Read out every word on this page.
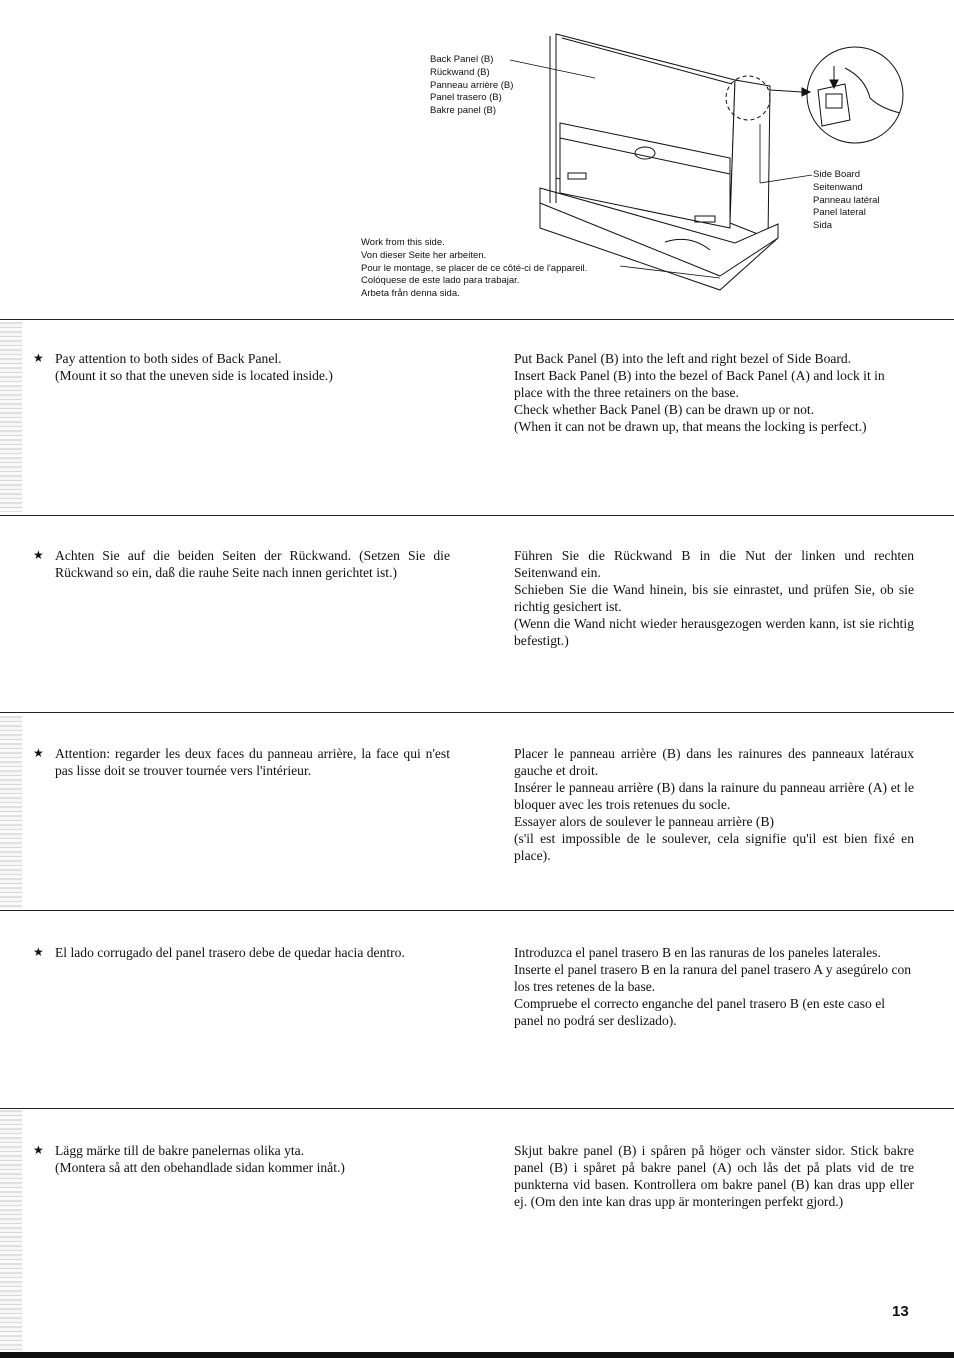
Back Panel (B)
Rückwand (B)
Panneau arrière (B)
Panel trasero (B)
Bakre panel (B)
Side Board
Seitenwand
Panneau latéral
Panel lateral
Sida
Work from this side.
Von dieser Seite her arbeiten.
Pour le montage, se placer de ce côté-ci de l'appareil.
Colóquese de este lado para trabajar.
Arbeta från denna sida.
★ Pay attention to both sides of Back Panel.
(Mount it so that the uneven side is located inside.)
Put Back Panel (B) into the left and right bezel of Side Board.
Insert Back Panel (B) into the bezel of Back Panel (A) and lock it in place with the three retainers on the base.
Check whether Back Panel (B) can be drawn up or not.
(When it can not be drawn up, that means the locking is perfect.)
★ Achten Sie auf die beiden Seiten der Rückwand. (Setzen Sie die Rückwand so ein, daß die rauhe Seite nach innen gerichtet ist.)
Führen Sie die Rückwand B in die Nut der linken und rechten Seitenwand ein.
Schieben Sie die Wand hinein, bis sie einrastet, und prüfen Sie, ob sie richtig gesichert ist.
(Wenn die Wand nicht wieder herausgezogen werden kann, ist sie richtig befestigt.)
★ Attention: regarder les deux faces du panneau arrière, la face qui n'est pas lisse doit se trouver tournée vers l'intérieur.
Placer le panneau arrière (B) dans les rainures des panneaux latéraux gauche et droit.
Insérer le panneau arrière (B) dans la rainure du panneau arrière (A) et le bloquer avec les trois retenues du socle.
Essayer alors de soulever le panneau arrière (B)
(s'il est impossible de le soulever, cela signifie qu'il est bien fixé en place).
★ El lado corrugado del panel trasero debe de quedar hacia dentro.	Introduzca el panel trasero B en las ranuras de los paneles laterales.
Inserte el panel trasero B en la ranura del panel trasero A y asegúrelo con los tres retenes de la base.
Compruebe el correcto enganche del panel trasero B (en este caso el panel no podrá ser deslizado).
★ Lägg märke till de bakre panelernas olika yta.
(Montera så att den obehandlade sidan kommer inåt.)
Skjut bakre panel (B) i spåren på höger och vänster sidor. Stick bakre panel (B) i spåret på bakre panel (A) och lås det på plats vid de tre punkterna vid basen. Kontrollera om bakre panel (B) kan dras upp eller ej. (Om den inte kan dras upp är monteringen perfekt gjord.)
13
